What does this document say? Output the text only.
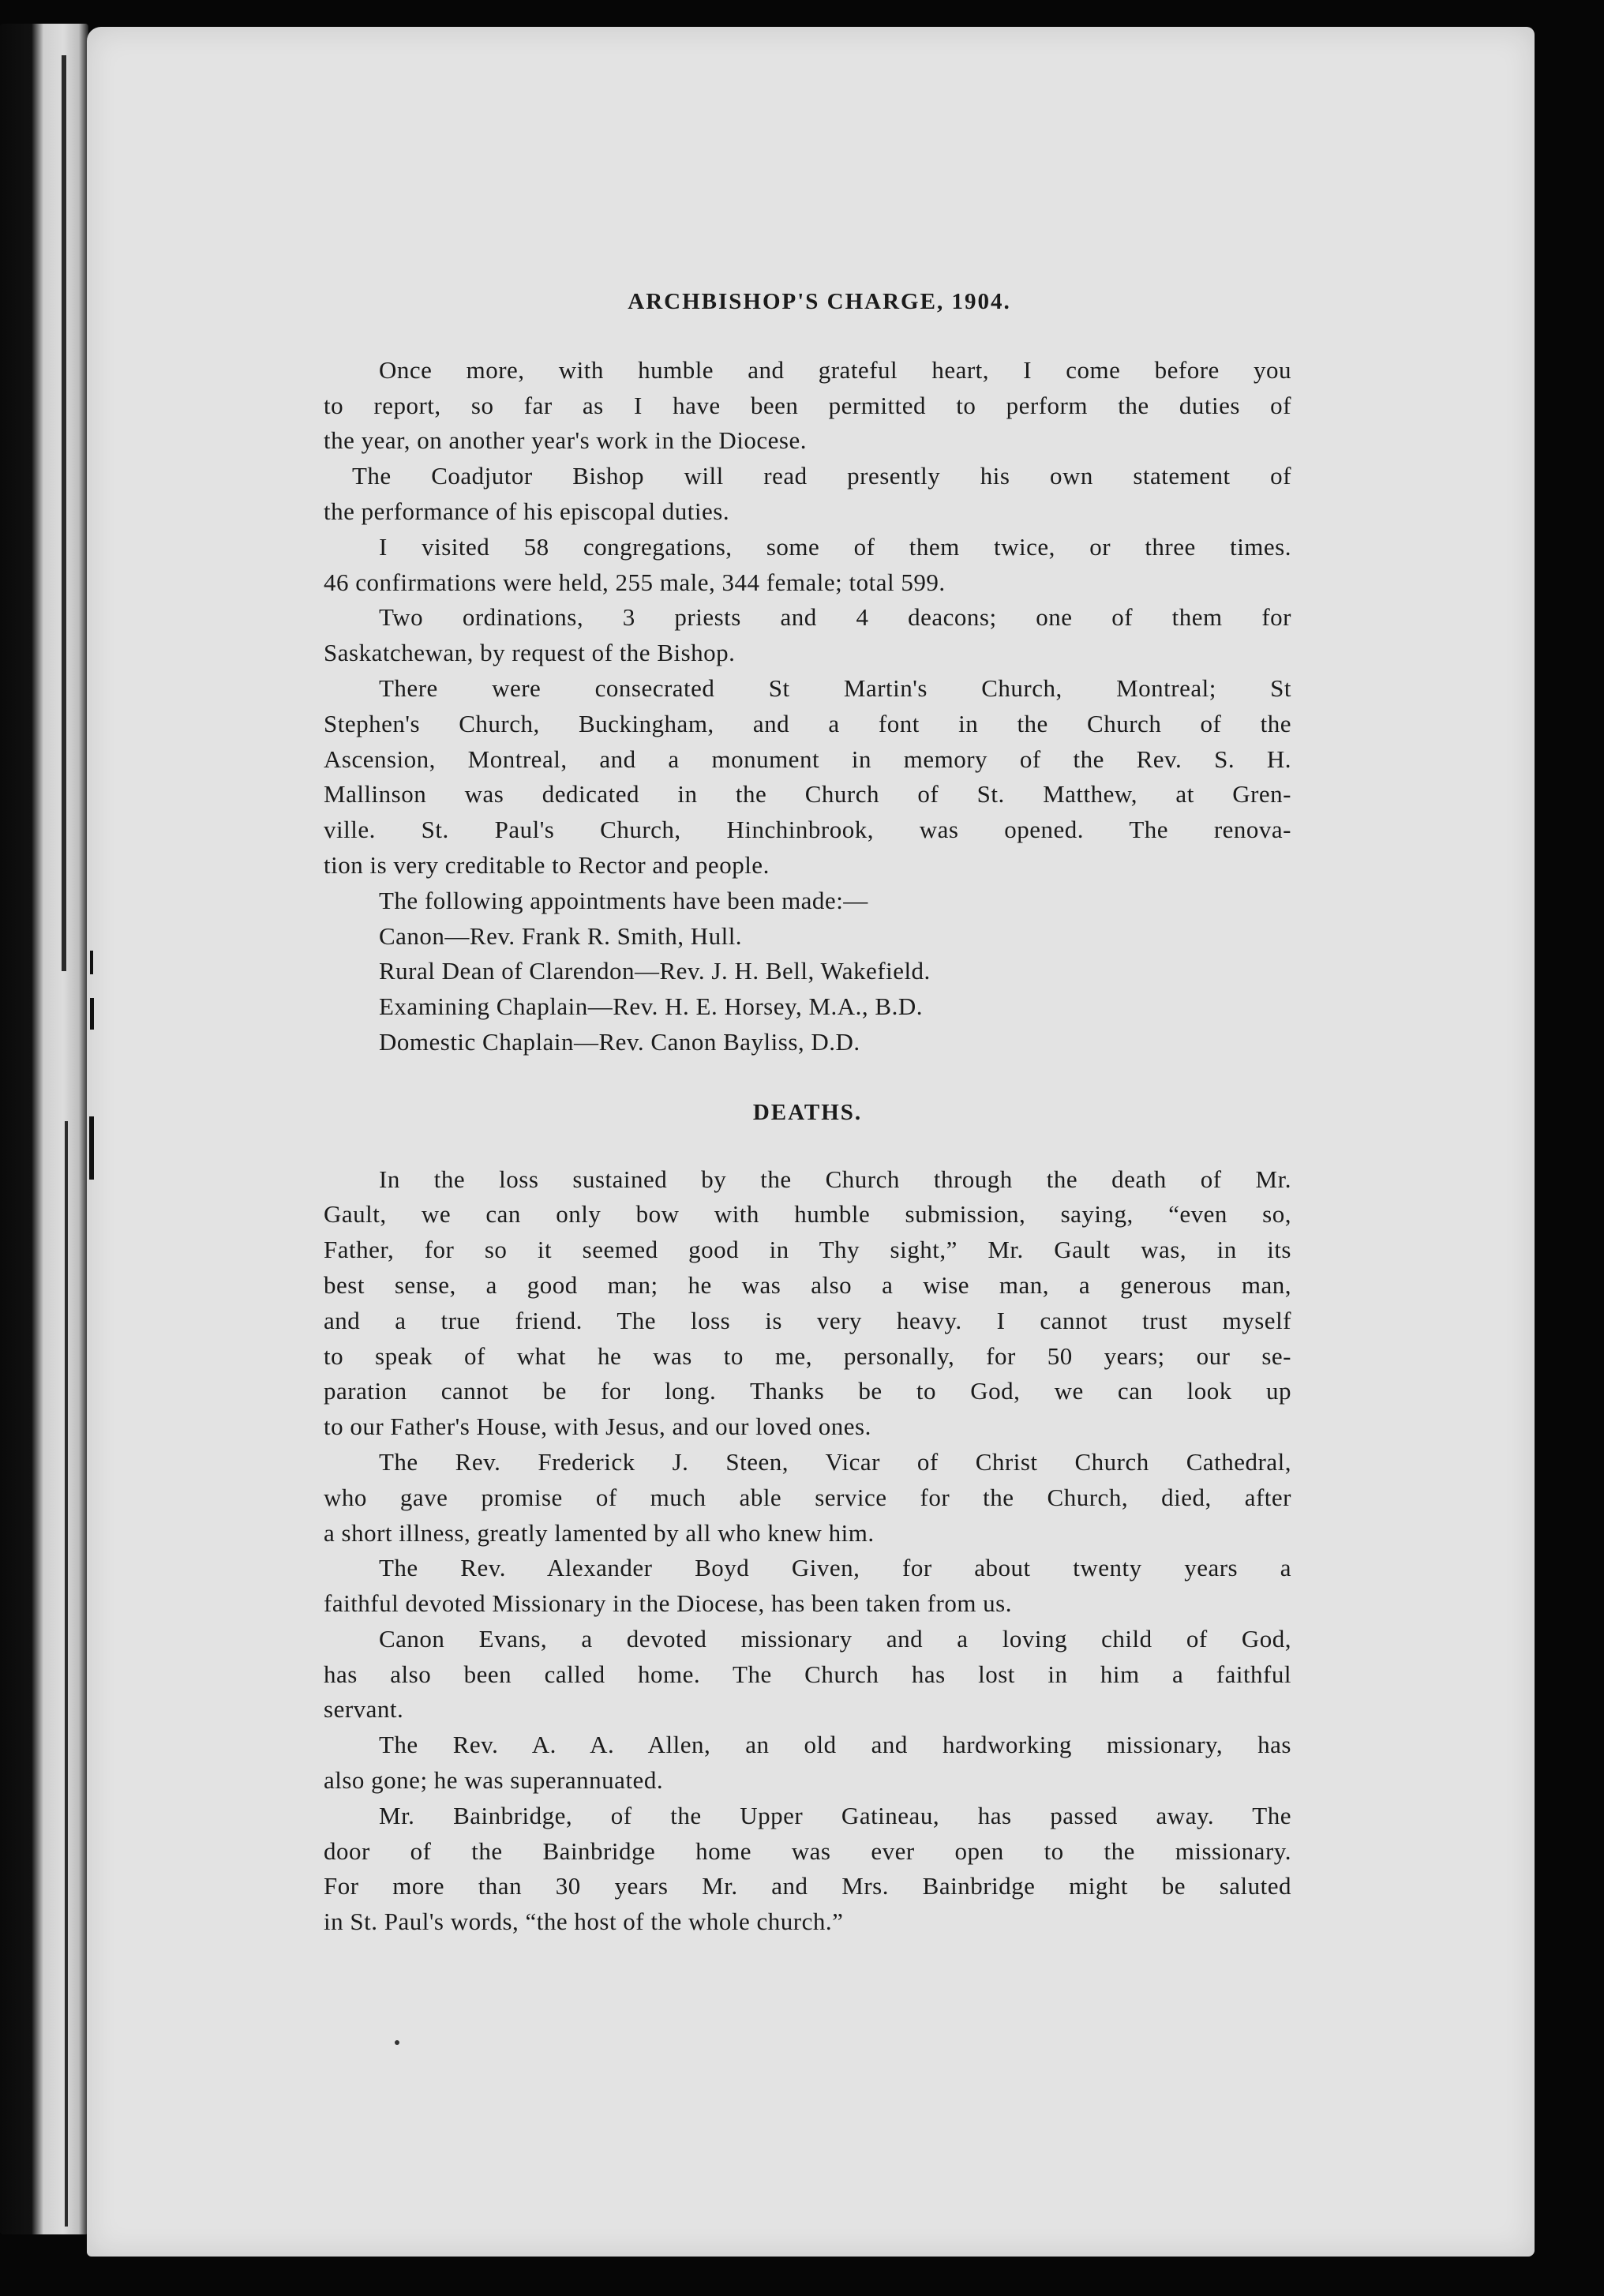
ARCHBISHOP'S CHARGE, 1904.

Once more, with humble and grateful heart, I come before you
to report, so far as I have been permitted to perform the duties of
the year, on another year's work in the Diocese.

The Coadjutor Bishop will read presently his own statement of
the performance of his episcopal duties.

I visited 58 congregations, some of them twice, or three times.
46 confirmations were held, 255 male, 344 female; total 599.

Two ordinations, 3 priests and 4 deacons; one of them for
Saskatchewan, by request of the Bishop.

There were consecrated St Martin's Church, Montreal; St
Stephen's Church, Buckingham, and a font in the Church of the
Ascension, Montreal, and a monument in memory of the Rev. S. H.
Mallinson was dedicated in the Church of St. Matthew, at Gren-
ville. St. Paul's Church, Hinchinbrook, was opened. The renova-
tion is very creditable to Rector and people.

The following appointments have been made:—

Canon—Rev. Frank R. Smith, Hull.

Rural Dean of Clarendon—Rev. J. H. Bell, Wakefield.

Examining Chaplain—Rev. H. E. Horsey, M.A., B.D.

Domestic Chaplain—Rev. Canon Bayliss, D.D.

DEATHS.

In the loss sustained by the Church through the death of Mr.
Gault, we can only bow with humble submission, saying, “even so,
Father, for so it seemed good in Thy sight,” Mr. Gault was, in its
best sense, a good man; he was also a wise man, a generous man,
and a true friend. The loss is very heavy. I cannot trust myself
to speak of what he was to me, personally, for 50 years; our se-
paration cannot be for long. Thanks be to God, we can look up
to our Father's House, with Jesus, and our loved ones.

The Rev. Frederick J. Steen, Vicar of Christ Church Cathedral,
who gave promise of much able service for the Church, died, after
a short illness, greatly lamented by all who knew him.

The Rev. Alexander Boyd Given, for about twenty years a
faithful devoted Missionary in the Diocese, has been taken from us.

Canon Evans, a devoted missionary and a loving child of God,
has also been called home. The Church has lost in him a faithful
servant.

The Rev. A. A. Allen, an old and hardworking missionary, has
also gone; he was superannuated.

Mr. Bainbridge, of the Upper Gatineau, has passed away. The
door of the Bainbridge home was ever open to the missionary.
For more than 30 years Mr. and Mrs. Bainbridge might be saluted
in St. Paul's words, “the host of the whole church.”
